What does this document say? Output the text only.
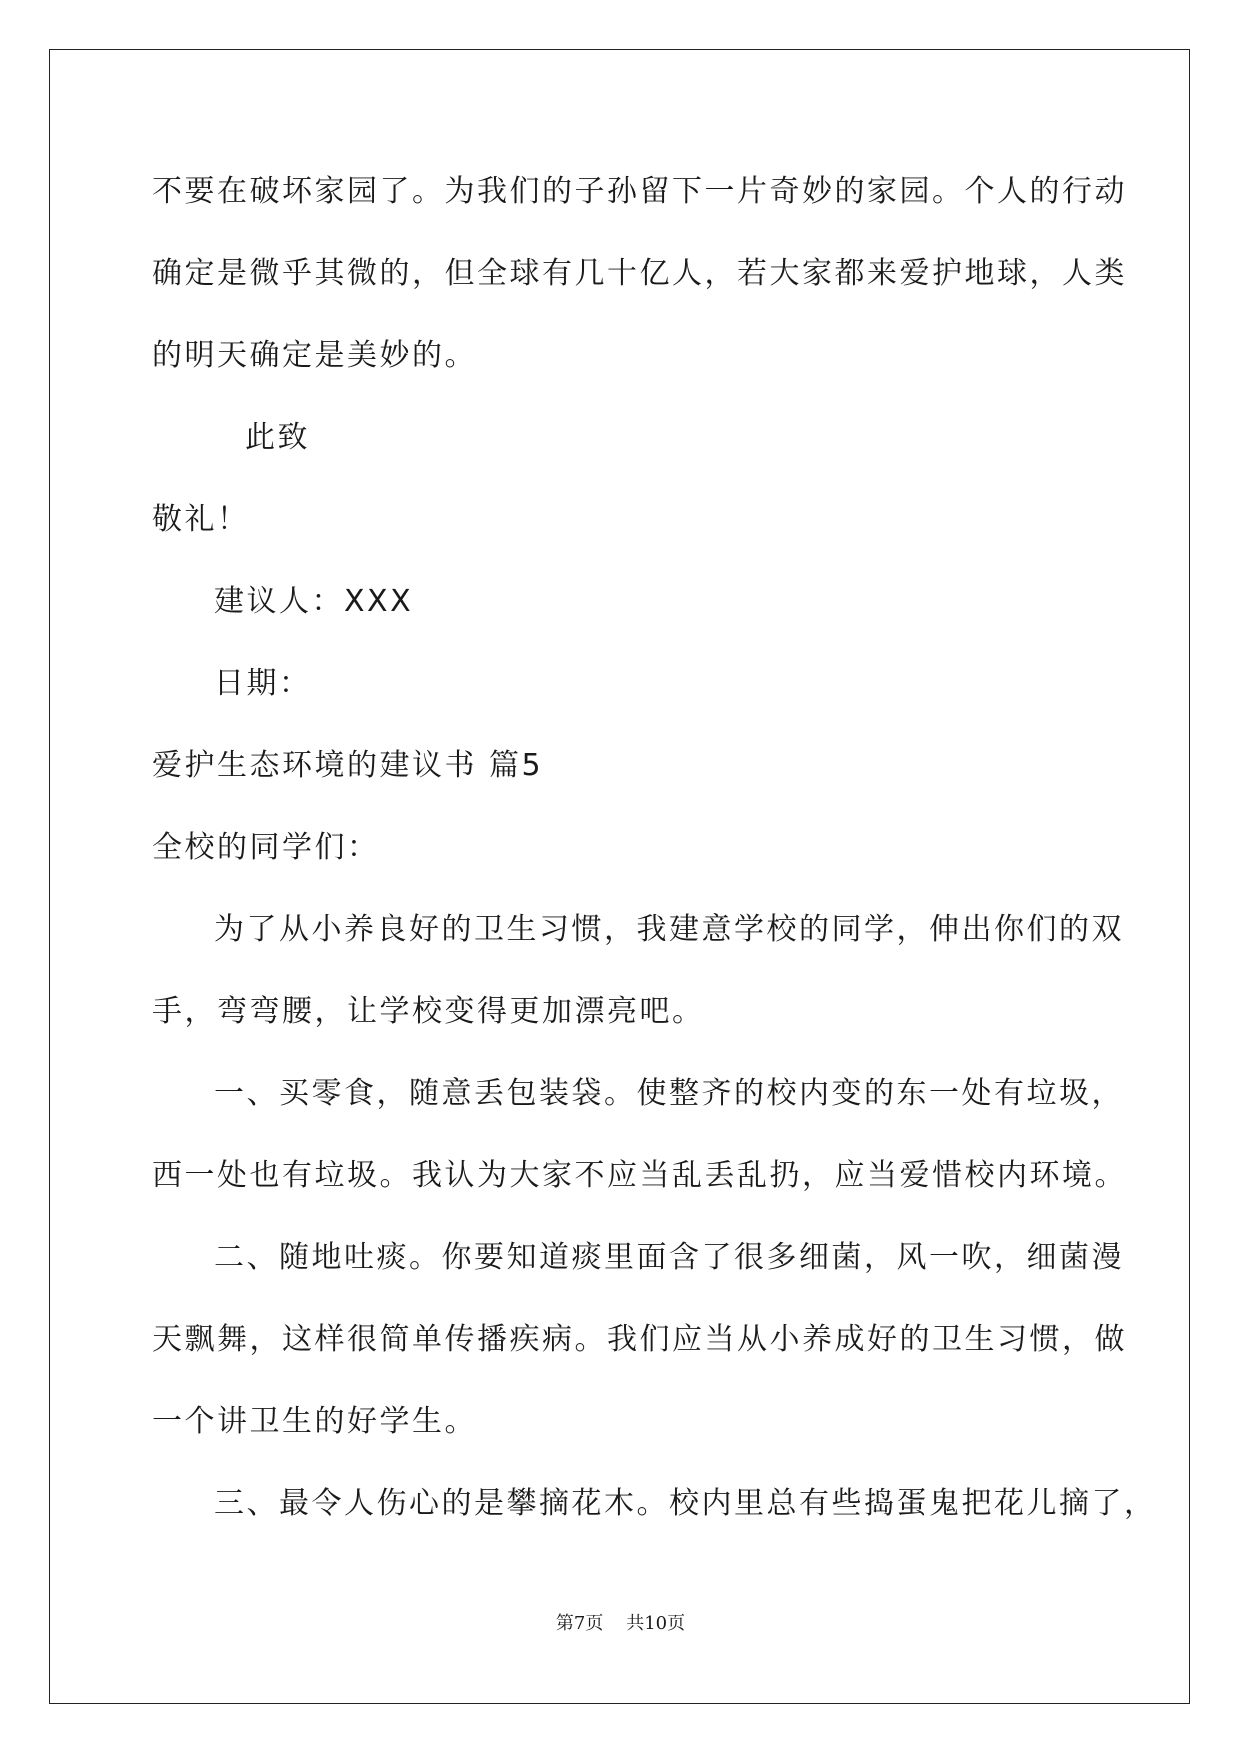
不要在破坏家园了。为我们的子孙留下一片奇妙的家园。个人的行动

确定是微乎其微的，但全球有几十亿人，若大家都来爱护地球，人类

的明天确定是美妙的。

此致

敬礼！

建议人：XXX

日期：

爱护生态环境的建议书 篇5

全校的同学们：

为了从小养良好的卫生习惯，我建意学校的同学，伸出你们的双

手，弯弯腰，让学校变得更加漂亮吧。

一、买零食，随意丢包装袋。使整齐的校内变的东一处有垃圾，

西一处也有垃圾。我认为大家不应当乱丢乱扔，应当爱惜校内环境。

二、随地吐痰。你要知道痰里面含了很多细菌，风一吹，细菌漫

天飘舞，这样很简单传播疾病。我们应当从小养成好的卫生习惯，做

一个讲卫生的好学生。

三、最令人伤心的是攀摘花木。校内里总有些捣蛋鬼把花儿摘了，

第7页 共10页
